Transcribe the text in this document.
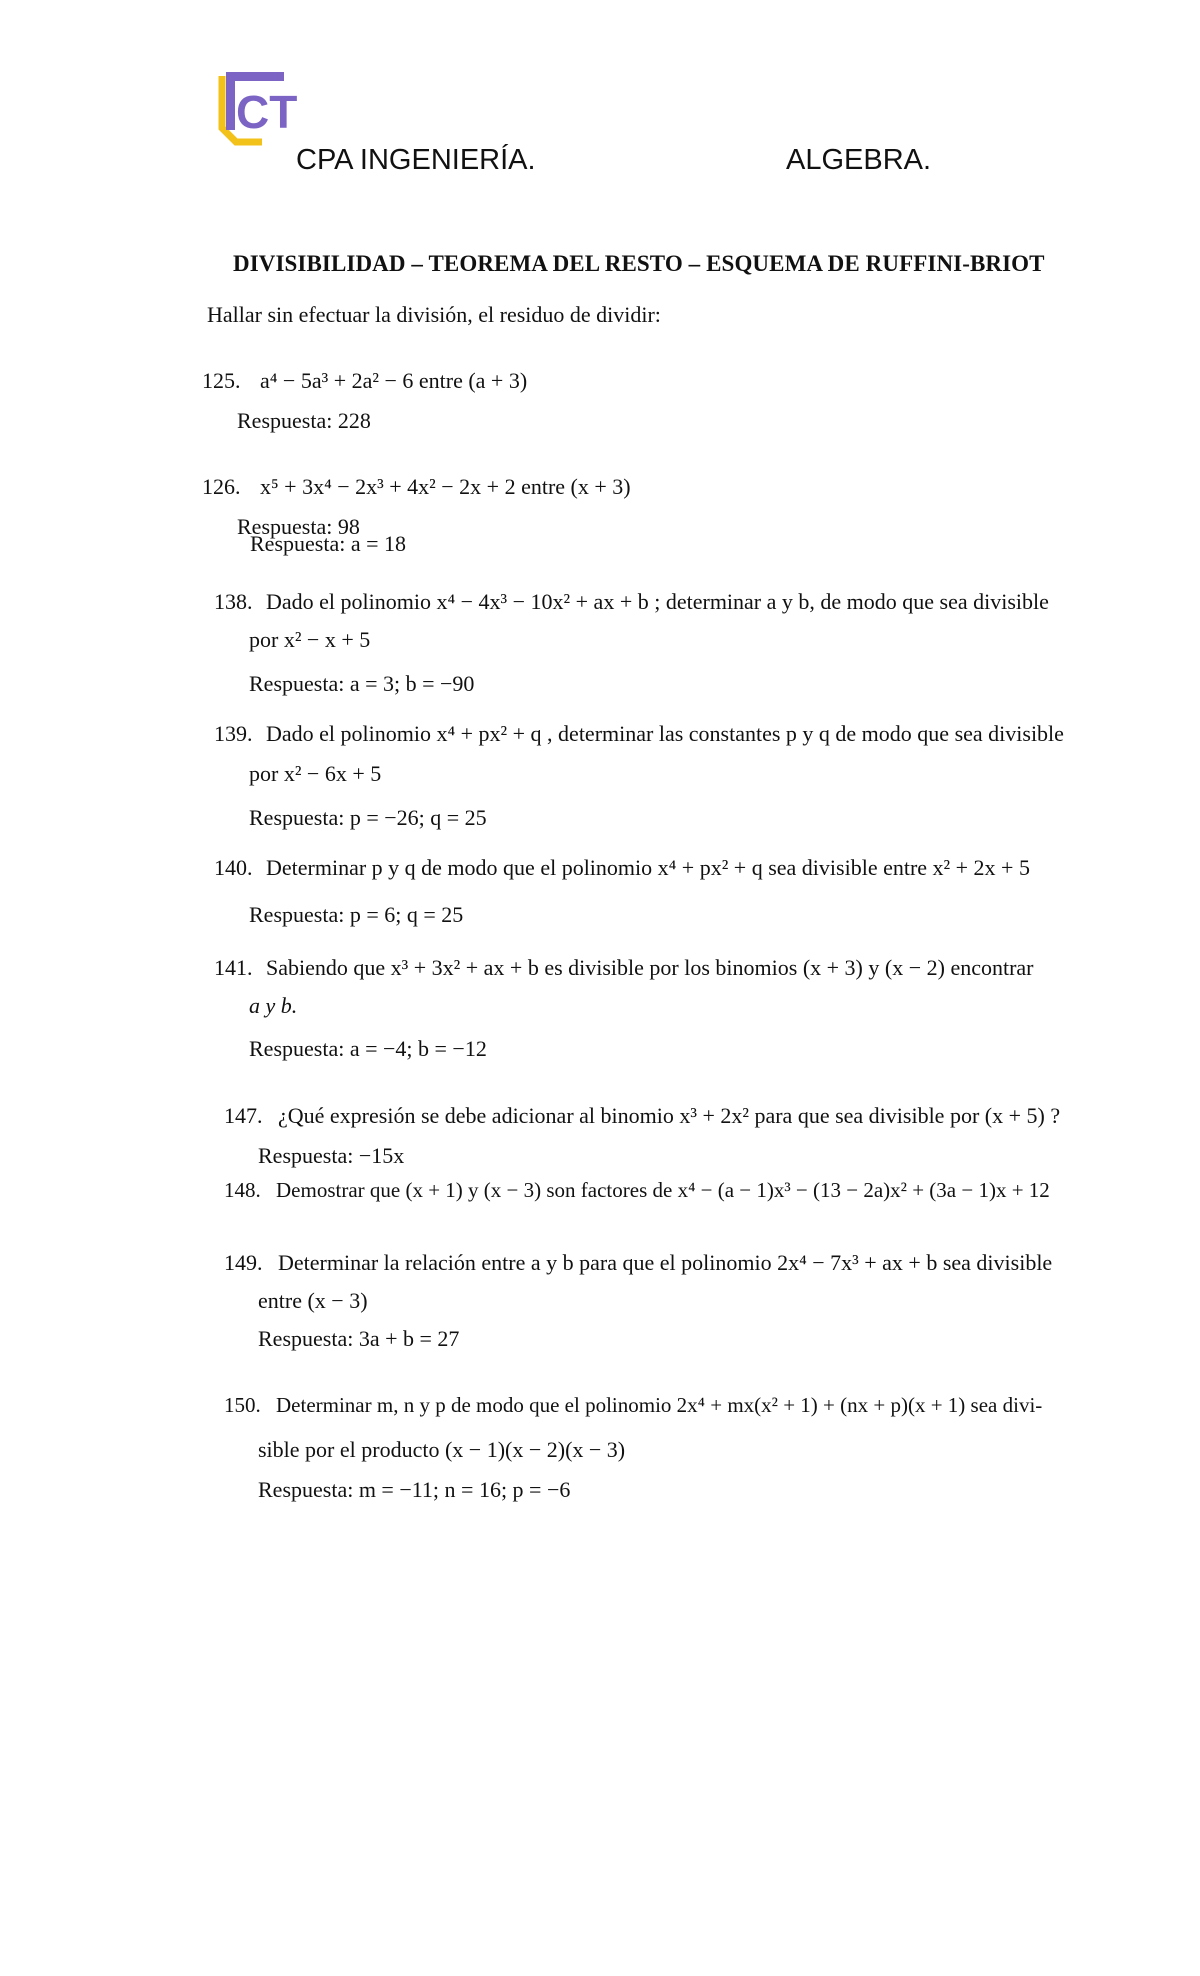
CT
CPA INGENIERÍA.	ALGEBRA.
DIVISIBILIDAD – TEOREMA DEL RESTO – ESQUEMA DE RUFFINI-BRIOT
Hallar sin efectuar la división, el residuo de dividir:
125. a⁴ − 5a³ + 2a² − 6 entre (a + 3)
Respuesta: 228
126. x⁵ + 3x⁴ − 2x³ + 4x² − 2x + 2 entre (x + 3)
Respuesta: 98
Respuesta: a = 18
138. Dado el polinomio x⁴ − 4x³ − 10x² + ax + b ; determinar a y b, de modo que sea divisible
por x² − x + 5
Respuesta: a = 3; b = −90
139. Dado el polinomio x⁴ + px² + q , determinar las constantes p y q de modo que sea divisible
por x² − 6x + 5
Respuesta: p = −26; q = 25
140. Determinar p y q de modo que el polinomio x⁴ + px² + q sea divisible entre x² + 2x + 5
Respuesta: p = 6; q = 25
141. Sabiendo que x³ + 3x² + ax + b es divisible por los binomios (x + 3) y (x − 2) encontrar
a y b.
Respuesta: a = −4; b = −12
147. ¿Qué expresión se debe adicionar al binomio x³ + 2x² para que sea divisible por (x + 5) ?
Respuesta: −15x
148. Demostrar que (x + 1) y (x − 3) son factores de x⁴ − (a − 1)x³ − (13 − 2a)x² + (3a − 1)x + 12
149. Determinar la relación entre a y b para que el polinomio 2x⁴ − 7x³ + ax + b sea divisible
entre (x − 3)
Respuesta: 3a + b = 27
150. Determinar m, n y p de modo que el polinomio 2x⁴ + mx(x² + 1) + (nx + p)(x + 1) sea divi-
sible por el producto (x − 1)(x − 2)(x − 3)
Respuesta: m = −11; n = 16; p = −6
